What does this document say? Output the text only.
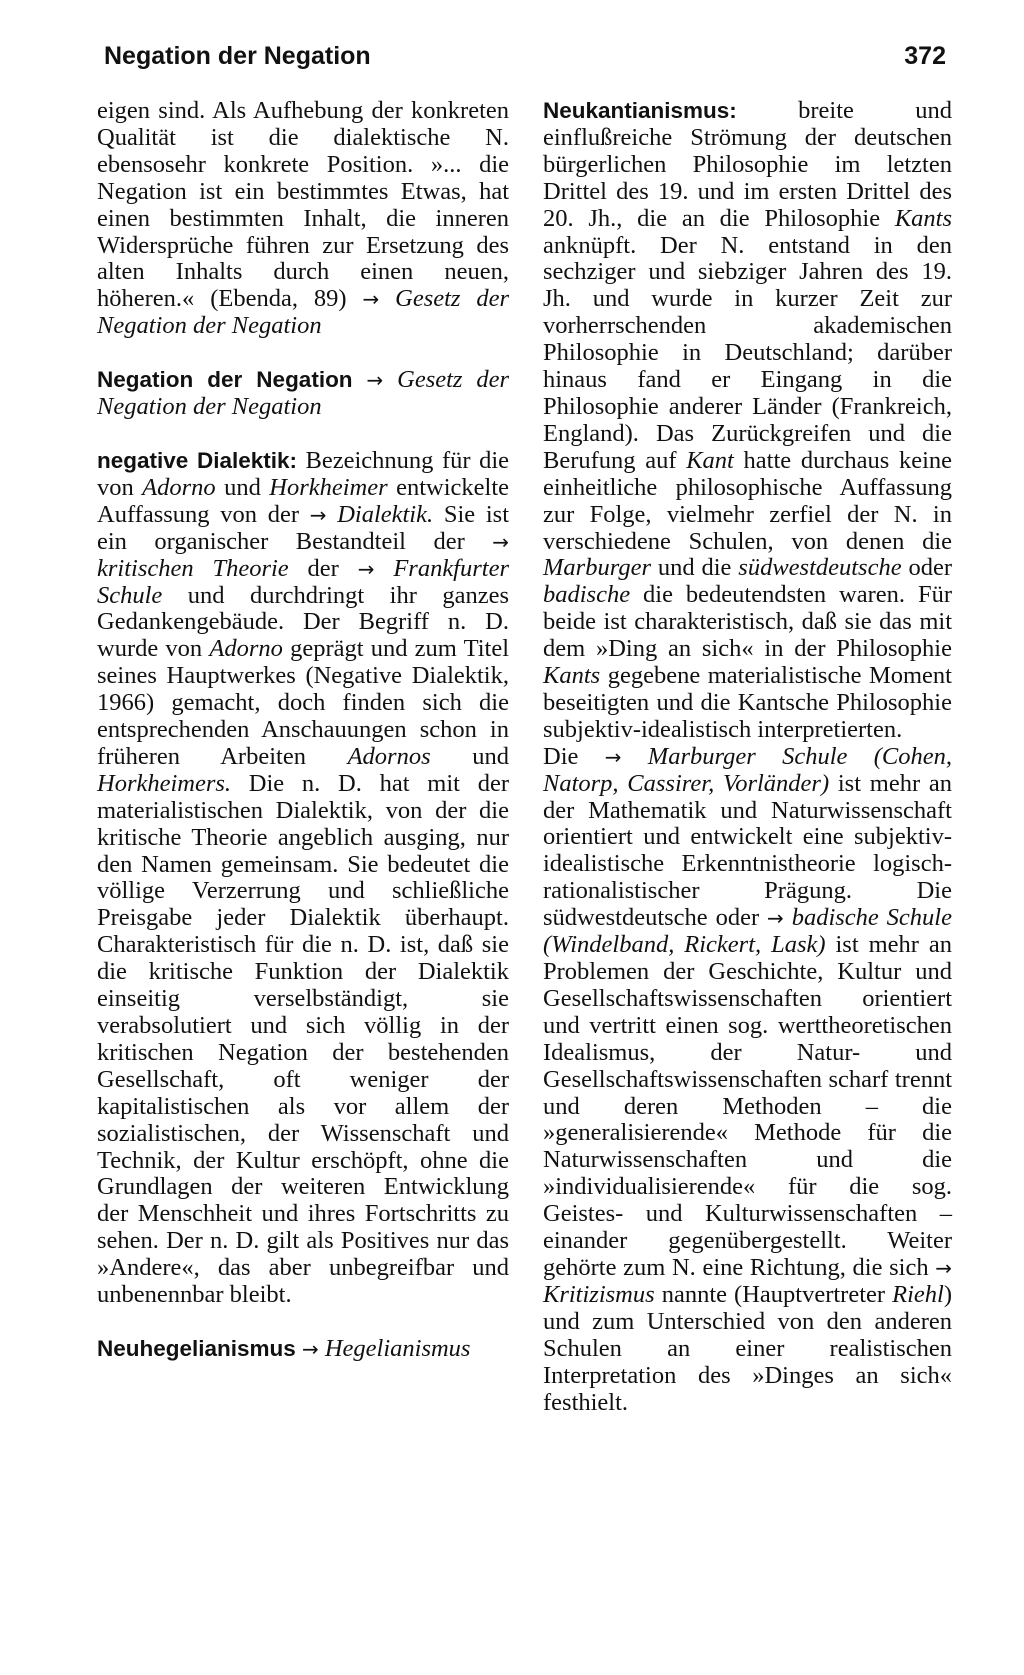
Negation der Negation	372

eigen sind. Als Aufhebung der konkreten Qualität ist die dialektische N. ebensosehr konkrete Position. »... die Negation ist ein bestimmtes Etwas, hat einen bestimmten Inhalt, die inneren Widersprüche führen zur Ersetzung des alten Inhalts durch einen neuen, höheren.« (Ebenda, 89) → Gesetz der Negation der Negation

Negation der Negation → Gesetz der Negation der Negation

negative Dialektik: Bezeichnung für die von Adorno und Horkheimer entwickelte Auffassung von der → Dialektik. Sie ist ein organischer Bestandteil der → kritischen Theorie der → Frankfurter Schule und durchdringt ihr ganzes Gedankengebäude. Der Begriff n. D. wurde von Adorno geprägt und zum Titel seines Hauptwerkes (Negative Dialektik, 1966) gemacht, doch finden sich die entsprechenden Anschauungen schon in früheren Arbeiten Adornos und Horkheimers. Die n. D. hat mit der materialistischen Dialektik, von der die kritische Theorie angeblich ausging, nur den Namen gemeinsam. Sie bedeutet die völlige Verzerrung und schließliche Preisgabe jeder Dialektik überhaupt. Charakteristisch für die n. D. ist, daß sie die kritische Funktion der Dialektik einseitig verselbständigt, sie verabsolutiert und sich völlig in der kritischen Negation der bestehenden Gesellschaft, oft weniger der kapitalistischen als vor allem der sozialistischen, der Wissenschaft und Technik, der Kultur erschöpft, ohne die Grundlagen der weiteren Entwicklung der Menschheit und ihres Fortschritts zu sehen. Der n. D. gilt als Positives nur das »Andere«, das aber unbegreifbar und unbenennbar bleibt.

Neuhegelianismus → Hegelianismus

Neukantianismus: breite und einflußreiche Strömung der deutschen bürgerlichen Philosophie im letzten Drittel des 19. und im ersten Drittel des 20. Jh., die an die Philosophie Kants anknüpft. Der N. entstand in den sechziger und siebziger Jahren des 19. Jh. und wurde in kurzer Zeit zur vorherrschenden akademischen Philosophie in Deutschland; darüber hinaus fand er Eingang in die Philosophie anderer Länder (Frankreich, England). Das Zurückgreifen und die Berufung auf Kant hatte durchaus keine einheitliche philosophische Auffassung zur Folge, vielmehr zerfiel der N. in verschiedene Schulen, von denen die Marburger und die südwestdeutsche oder badische die bedeutendsten waren. Für beide ist charakteristisch, daß sie das mit dem »Ding an sich« in der Philosophie Kants gegebene materialistische Moment beseitigten und die Kantsche Philosophie subjektiv-idealistisch interpretierten.

Die → Marburger Schule (Cohen, Natorp, Cassirer, Vorländer) ist mehr an der Mathematik und Naturwissenschaft orientiert und entwickelt eine subjektiv-idealistische Erkenntnistheorie logisch-rationalistischer Prägung. Die südwestdeutsche oder → badische Schule (Windelband, Rickert, Lask) ist mehr an Problemen der Geschichte, Kultur und Gesellschaftswissenschaften orientiert und vertritt einen sog. werttheoretischen Idealismus, der Natur- und Gesellschaftswissenschaften scharf trennt und deren Methoden – die »generalisierende« Methode für die Naturwissenschaften und die »individualisierende« für die sog. Geistes- und Kulturwissenschaften – einander gegenübergestellt. Weiter gehörte zum N. eine Richtung, die sich → Kritizismus nannte (Hauptvertreter Riehl) und zum Unterschied von den anderen Schulen an einer realistischen Interpretation des »Dinges an sich« festhielt.
